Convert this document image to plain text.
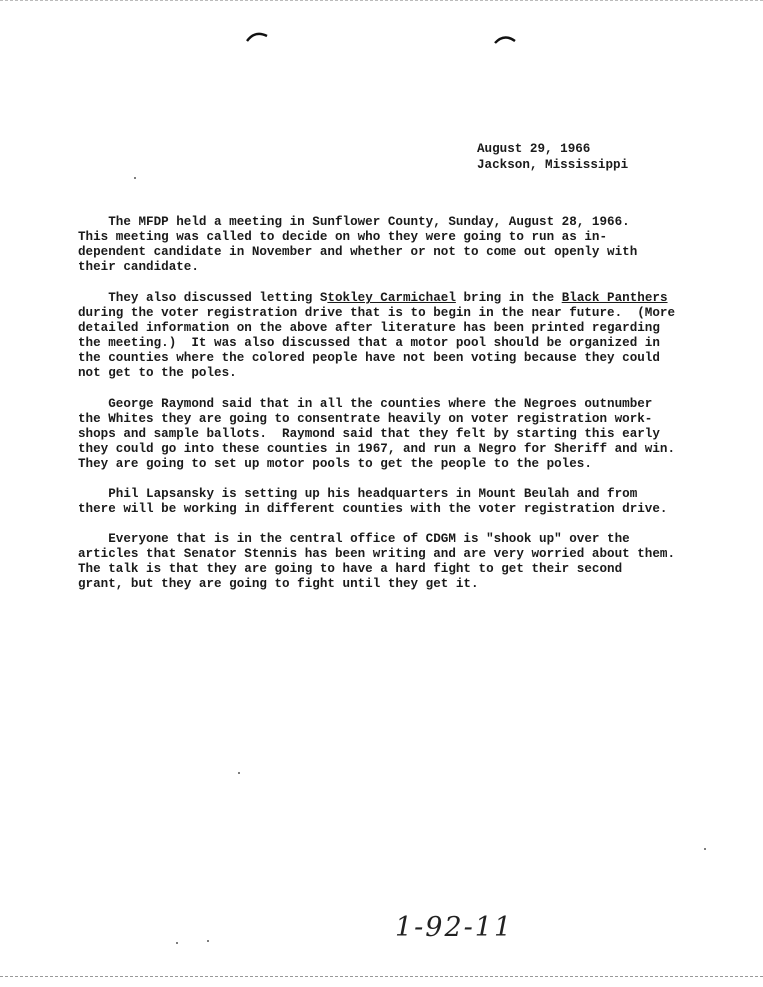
August 29, 1966
Jackson, Mississippi
The MFDP held a meeting in Sunflower County, Sunday, August 28, 1966.
This meeting was called to decide on who they were going to run as in-
dependent candidate in November and whether or not to come out openly with
their candidate.
They also discussed letting Stokley Carmichael bring in the Black Panthers
during the voter registration drive that is to begin in the near future.  (More
detailed information on the above after literature has been printed regarding
the meeting.)  It was also discussed that a motor pool should be organized in
the counties where the colored people have not been voting because they could
not get to the poles.
George Raymond said that in all the counties where the Negroes outnumber
the Whites they are going to consentrate heavily on voter registration work-
shops and sample ballots.  Raymond said that they felt by starting this early
they could go into these counties in 1967, and run a Negro for Sheriff and win.
They are going to set up motor pools to get the people to the poles.
Phil Lapsansky is setting up his headquarters in Mount Beulah and from
there will be working in different counties with the voter registration drive.
Everyone that is in the central office of CDGM is "shook up" over the
articles that Senator Stennis has been writing and are very worried about them.
The talk is that they are going to have a hard fight to get their second
grant, but they are going to fight until they get it.
1-92-11
